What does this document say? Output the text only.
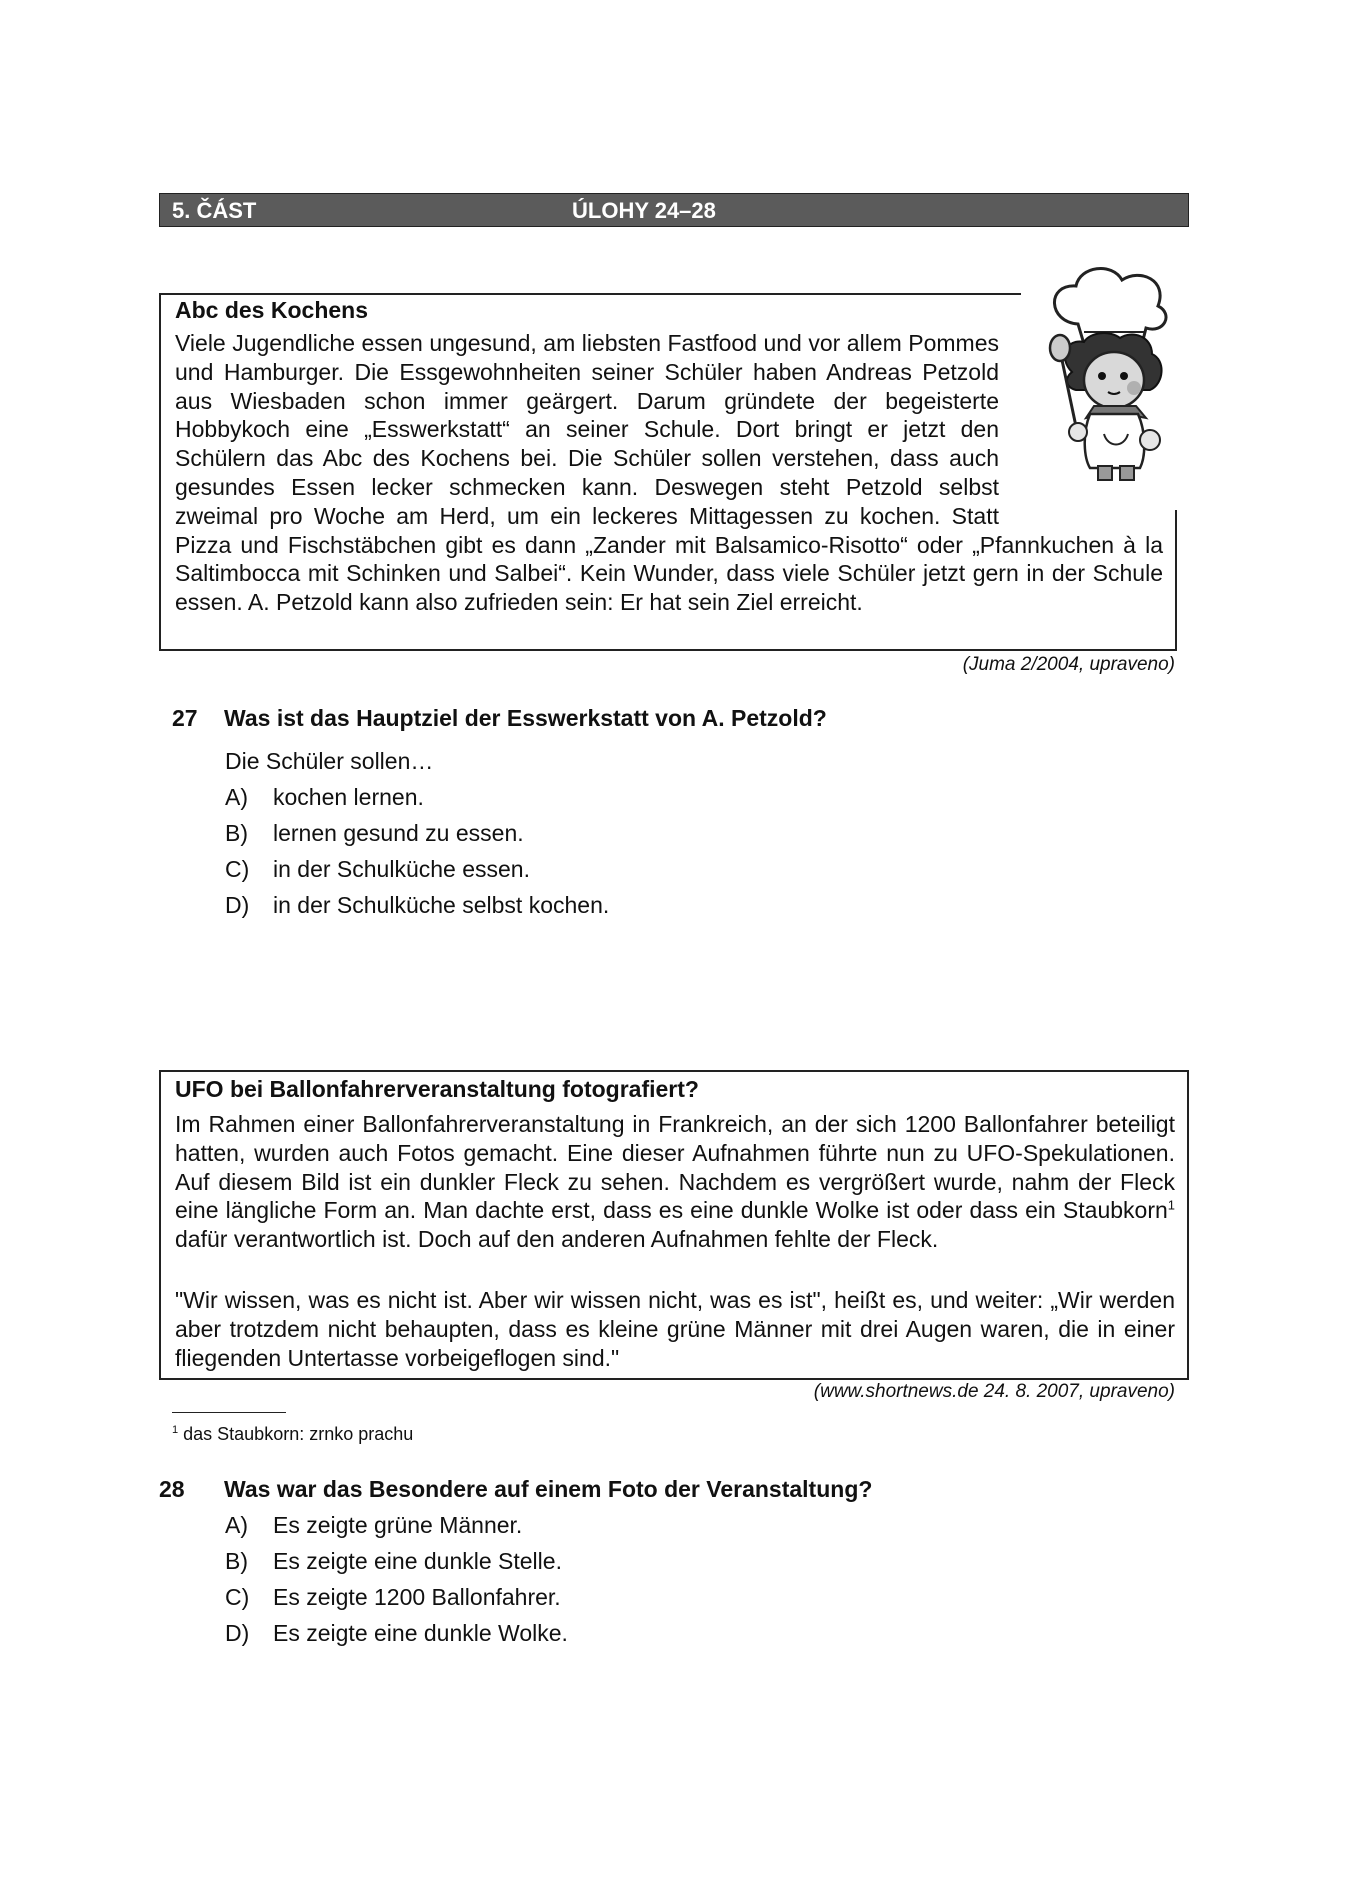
5. ČÁST	ÚLOHY 24–28
Abc des Kochens

Viele Jugendliche essen ungesund, am liebsten Fastfood und vor allem Pommes und Hamburger. Die Essgewohnheiten seiner Schüler haben Andreas Petzold aus Wiesbaden schon immer geärgert. Darum gründete der begeisterte Hobbykoch eine „Esswerkstatt“ an seiner Schule. Dort bringt er jetzt den Schülern das Abc des Kochens bei. Die Schüler sollen verstehen, dass auch gesundes Essen lecker schmecken kann. Deswegen steht Petzold selbst zweimal pro Woche am Herd, um ein leckeres Mittagessen zu kochen. Statt Pizza und Fischstäbchen gibt es dann „Zander mit Balsamico-Risotto“ oder „Pfannkuchen à la Saltimbocca mit Schinken und Salbei“. Kein Wunder, dass viele Schüler jetzt gern in der Schule essen. A. Petzold kann also zufrieden sein: Er hat sein Ziel erreicht.

(Juma 2/2004, upraveno)
27 Was ist das Hauptziel der Esswerkstatt von A. Petzold?
Die Schüler sollen…
A) kochen lernen.
B) lernen gesund zu essen.
C) in der Schulküche essen.
D) in der Schulküche selbst kochen.
UFO bei Ballonfahrerveranstaltung fotografiert?

Im Rahmen einer Ballonfahrerveranstaltung in Frankreich, an der sich 1200 Ballonfahrer beteiligt hatten, wurden auch Fotos gemacht. Eine dieser Aufnahmen führte nun zu UFO-Spekulationen. Auf diesem Bild ist ein dunkler Fleck zu sehen. Nachdem es vergrößert wurde, nahm der Fleck eine längliche Form an. Man dachte erst, dass es eine dunkle Wolke ist oder dass ein Staubkorn$^1$ dafür verantwortlich ist. Doch auf den anderen Aufnahmen fehlte der Fleck.

"Wir wissen, was es nicht ist. Aber wir wissen nicht, was es ist", heißt es, und weiter: „Wir werden aber trotzdem nicht behaupten, dass es kleine grüne Männer mit drei Augen waren, die in einer fliegenden Untertasse vorbeigeflogen sind."

(www.shortnews.de 24. 8. 2007, upraveno)
$^1$ das Staubkorn: zrnko prachu
28 Was war das Besondere auf einem Foto der Veranstaltung?
A) Es zeigte grüne Männer.
B) Es zeigte eine dunkle Stelle.
C) Es zeigte 1200 Ballonfahrer.
D) Es zeigte eine dunkle Wolke.
